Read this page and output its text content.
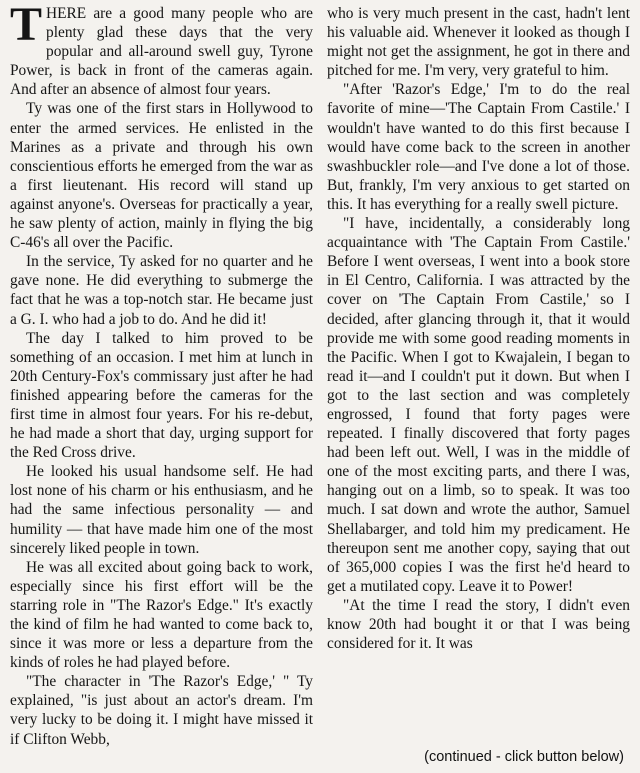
THERE are a good many people who are plenty glad these days that the very popular and all-around swell guy, Tyrone Power, is back in front of the cameras again. And after an absence of almost four years.

Ty was one of the first stars in Hollywood to enter the armed services. He enlisted in the Marines as a private and through his own conscientious efforts he emerged from the war as a first lieutenant. His record will stand up against anyone's. Overseas for practically a year, he saw plenty of action, mainly in flying the big C-46's all over the Pacific.

In the service, Ty asked for no quarter and he gave none. He did everything to submerge the fact that he was a top-notch star. He became just a G. I. who had a job to do. And he did it!

The day I talked to him proved to be something of an occasion. I met him at lunch in 20th Century-Fox's commissary just after he had finished appearing before the cameras for the first time in almost four years. For his re-debut, he had made a short that day, urging support for the Red Cross drive.

He looked his usual handsome self. He had lost none of his charm or his enthusiasm, and he had the same infectious personality — and humility — that have made him one of the most sincerely liked people in town.

He was all excited about going back to work, especially since his first effort will be the starring role in "The Razor's Edge." It's exactly the kind of film he had wanted to come back to, since it was more or less a departure from the kinds of roles he had played before.

"The character in 'The Razor's Edge,' " Ty explained, "is just about an actor's dream. I'm very lucky to be doing it. I might have missed it if Clifton Webb,

who is very much present in the cast, hadn't lent his valuable aid. Whenever it looked as though I might not get the assignment, he got in there and pitched for me. I'm very, very grateful to him.

"After 'Razor's Edge,' I'm to do the real favorite of mine—'The Captain From Castile.' I wouldn't have wanted to do this first because I would have come back to the screen in another swashbuckler role—and I've done a lot of those. But, frankly, I'm very anxious to get started on this. It has everything for a really swell picture.

"I have, incidentally, a considerably long acquaintance with 'The Captain From Castile.' Before I went overseas, I went into a book store in El Centro, California. I was attracted by the cover on 'The Captain From Castile,' so I decided, after glancing through it, that it would provide me with some good reading moments in the Pacific. When I got to Kwajalein, I began to read it—and I couldn't put it down. But when I got to the last section and was completely engrossed, I found that forty pages were repeated. I finally discovered that forty pages had been left out. Well, I was in the middle of one of the most exciting parts, and there I was, hanging out on a limb, so to speak. It was too much. I sat down and wrote the author, Samuel Shellabarger, and told him my predicament. He thereupon sent me another copy, saying that out of 365,000 copies I was the first he'd heard to get a mutilated copy. Leave it to Power!

"At the time I read the story, I didn't even know 20th had bought it or that I was being considered for it. It was

(continued - click button below)
